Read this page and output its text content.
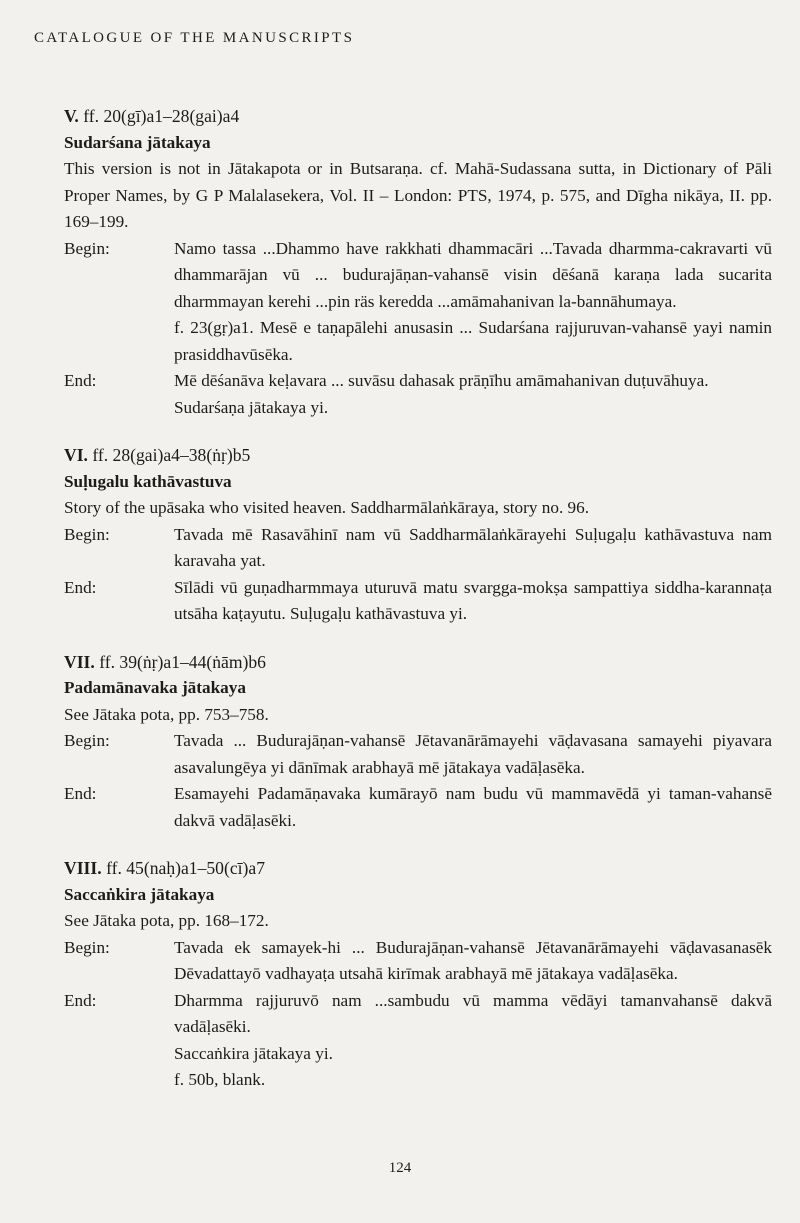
CATALOGUE OF THE MANUSCRIPTS
V. ff. 20(gī)a1–28(gai)a4
Sudarśana jātakaya
This version is not in Jātakapota or in Butsaraṇa. cf. Mahā-Sudassana sutta, in Dictionary of Pāli Proper Names, by G P Malalasekera, Vol. II – London: PTS, 1974, p. 575, and Dīgha nikāya, II. pp. 169–199.
Begin:	Namo tassa ...Dhammo have rakkhati dhammacāri ...Tavada dharmma-cakravarti vū dhammarājan vū ... budurajāṇan-vahansē visin dēśanā karaṇa lada sucarita dharmmayan kerehi ...pin räs keredda ...amāmahanivan la-bannāhumaya.
f. 23(gṛ)a1. Mesē e taṇapālehi anusasin ... Sudarśana rajjuruvan-vahansē yayi namin prasiddhavūsēka.
End:	Mē dēśanāva keḷavara ... suvāsu dahasak prāṇīhu amāmahanivan duṭuvāhuya.
Sudarśaṇa jātakaya yi.
VI. ff. 28(gai)a4–38(ṅṛ)b5
Suḷugalu kathāvastuva
Story of the upāsaka who visited heaven. Saddharmālaṅkāraya, story no. 96.
Begin:	Tavada mē Rasavāhinī nam vū Saddharmālaṅkārayehi Suḷugaḷu kathāvastuva nam karavaha yat.
End:	Sīlādi vū guṇadharmmaya uturuvā matu svargga-mokṣa sampattiya siddha-karannaṭa utsāha kaṭayutu. Suḷugaḷu kathāvastuva yi.
VII. ff. 39(ṅṛ)a1–44(ṅām)b6
Padamānavaka jātakaya
See Jātaka pota, pp. 753–758.
Begin:	Tavada ... Budurajāṇan-vahansē Jētavanārāmayehi vāḍavasana samayehi piyavara asavalungēya yi dānīmak arabhayā mē jātakaya vadāḷasēka.
End:	Esamayehi Padamāṇavaka kumārayō nam budu vū mammavēdā yi taman-vahansē dakvā vadāḷasēki.
VIII. ff. 45(naḥ)a1–50(cī)a7
Saccaṅkira jātakaya
See Jātaka pota, pp. 168–172.
Begin:	Tavada ek samayek-hi ... Budurajāṇan-vahansē Jētavanārāmayehi vāḍavasanasēk Dēvadattayō vadhayaṭa utsahā kirīmak arabhayā mē jātakaya vadāḷasēka.
End:	Dharmma rajjuruvō nam ...sambudu vū mamma vēdāyi tamanvahansē dakvā vadāḷasēki.
Saccaṅkira jātakaya yi.
f. 50b, blank.
124
